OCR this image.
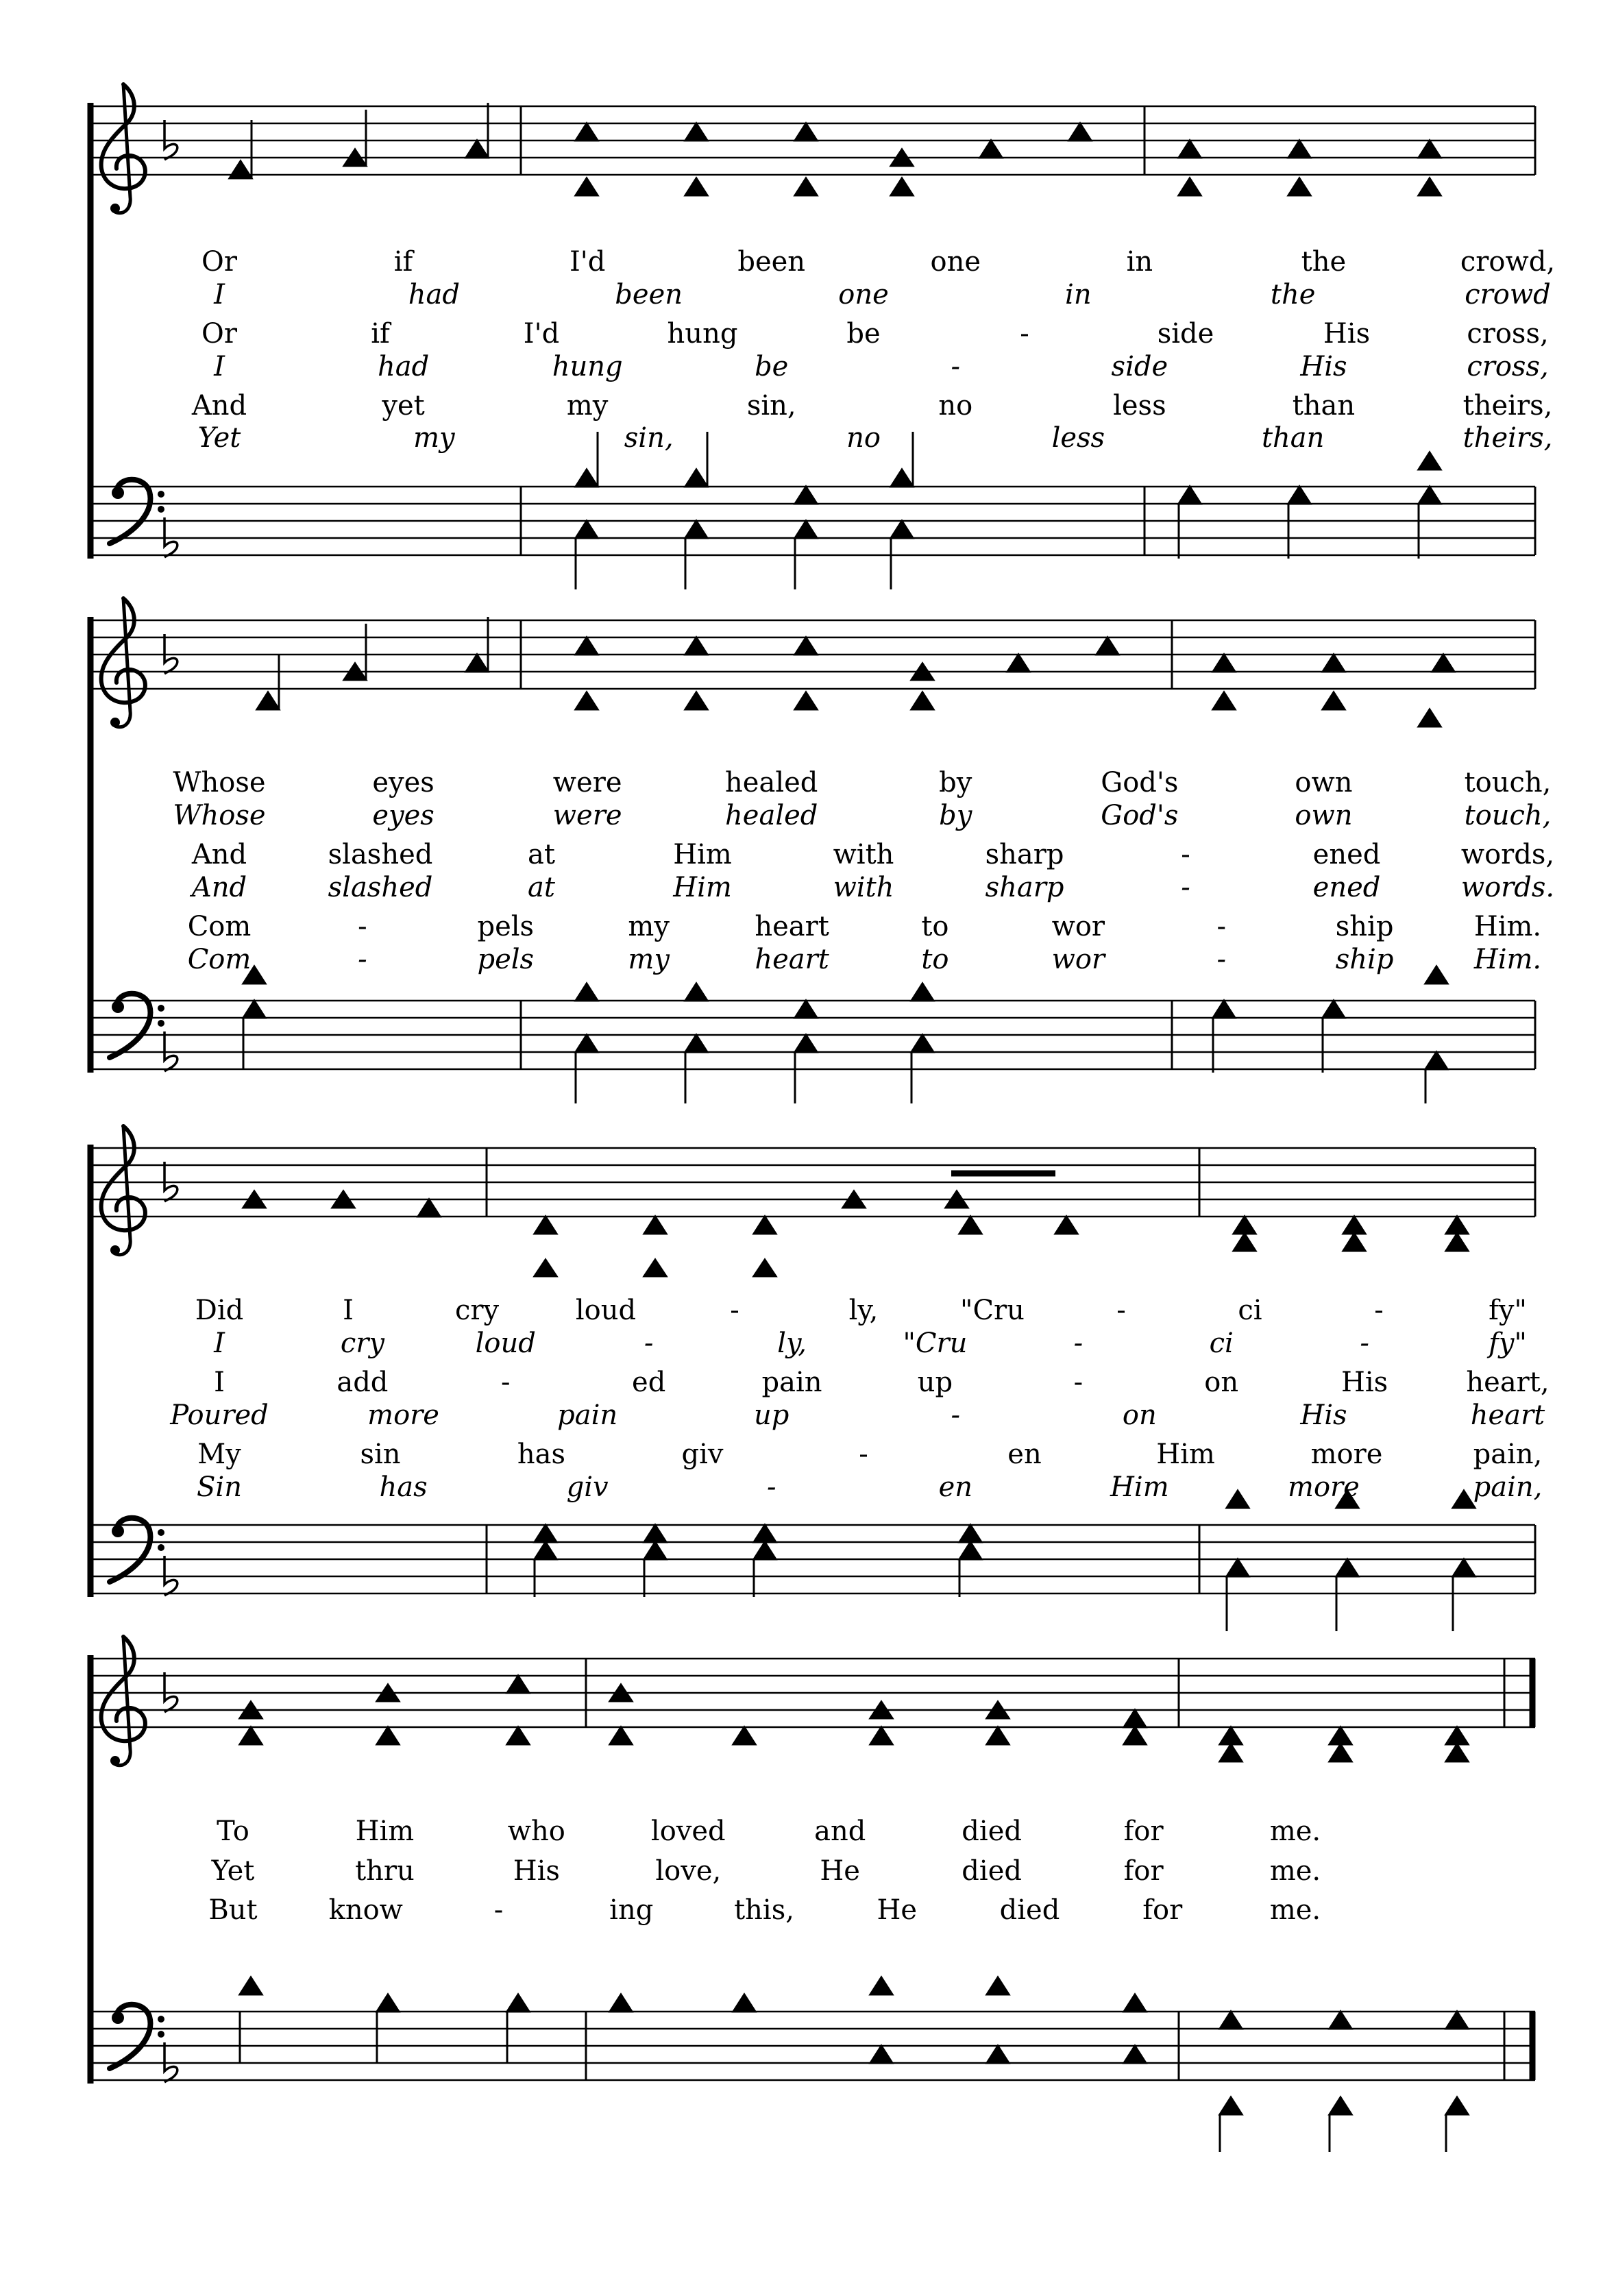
Or	if	I'd	been	one	in	the	crowd,
I	had	been	one	in	the	crowd
Or	if	I'd	hung	be	-	side	His	cross,
I	had	hung	be	-	side	His	cross,
And	yet	my	sin,	no	less	than	theirs,
Yet	my	sin,	no	less	than	theirs,
Whose	eyes	were	healed	by	God's	own	touch,
Whose	eyes	were	healed	by	God's	own	touch,
And	slashed	at	Him	with	sharp	-	ened	words,
And	slashed	at	Him	with	sharp	-	ened	words.
Com	-	pels	my	heart	to	wor	-	ship	Him.
Com	-	pels	my	heart	to	wor	-	ship	Him.
Did	I	cry	loud	-	ly,	"Cru	-	ci	-	fy"
I	cry	loud	-	ly,	"Cru	-	ci	-	fy"
I	add	-	ed	pain	up	-	on	His	heart,
Poured	more	pain	up	-	on	His	heart
My	sin	has	giv	-	en	Him	more	pain,
Sin	has	giv	-	en	Him	more	pain,
To	Him	who	loved	and	died	for	me.
Yet	thru	His	love,	He	died	for	me.
But	know	-	ing	this,	He	died	for	me.
